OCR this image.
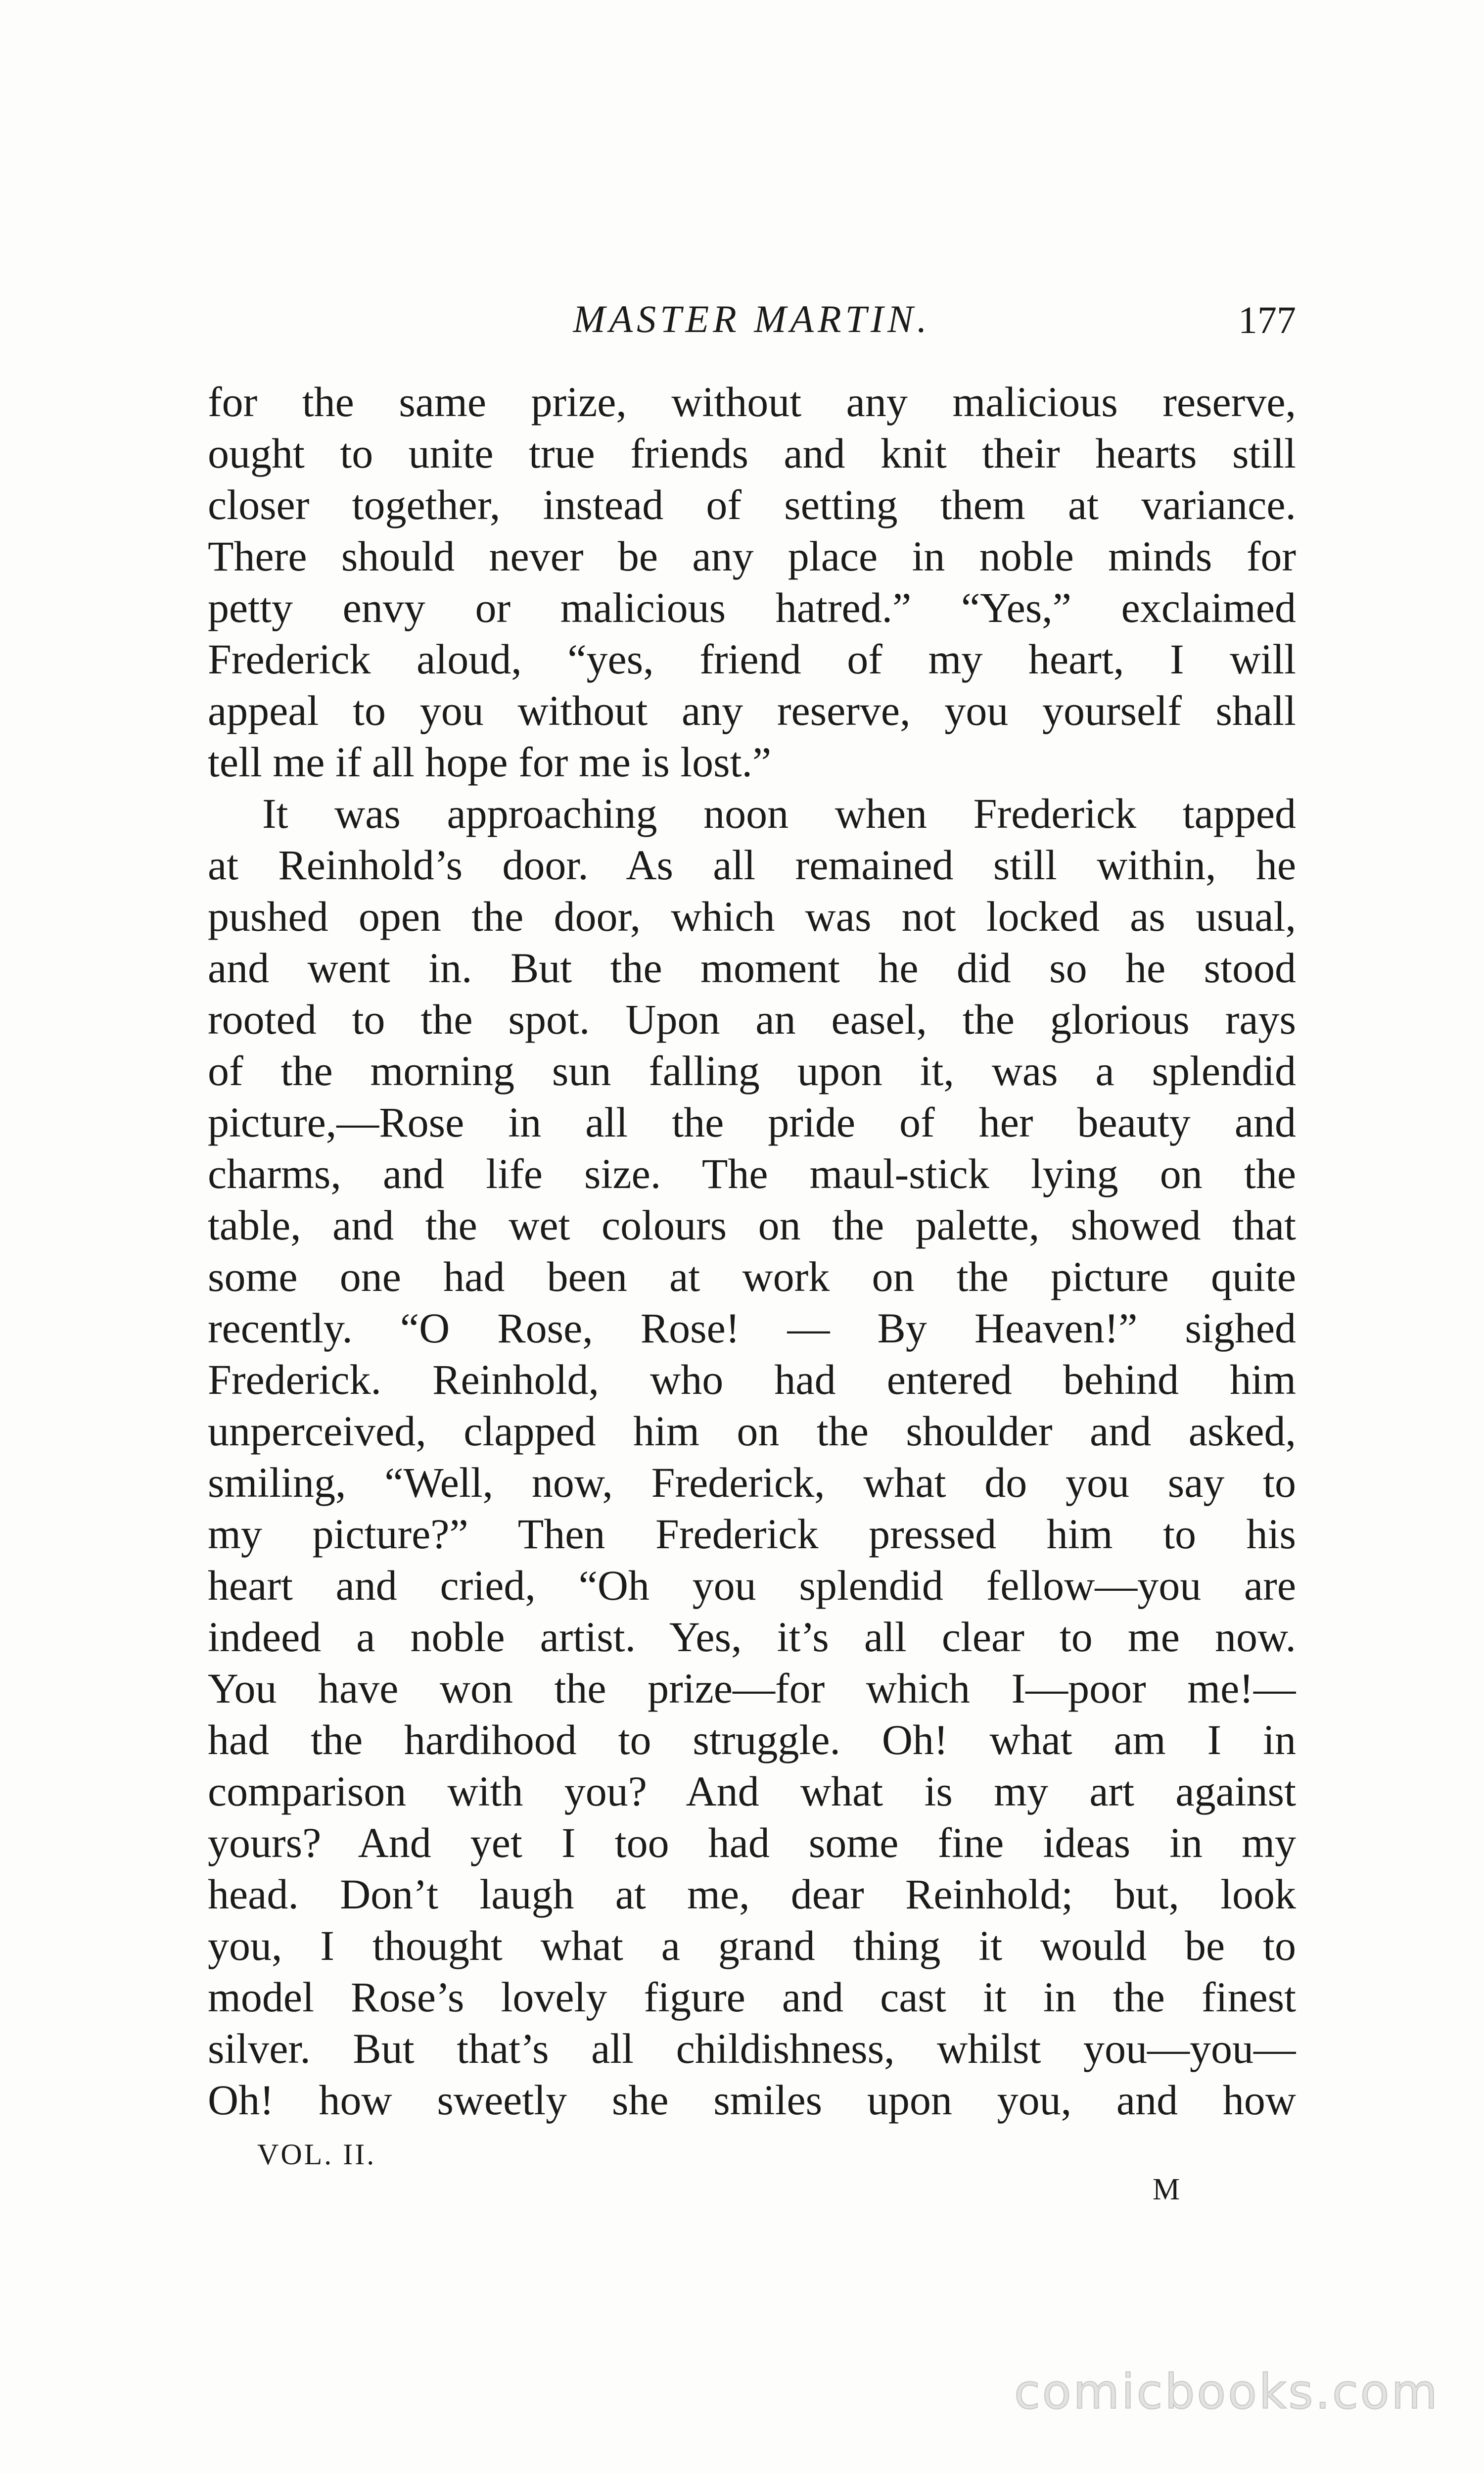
MASTER MARTIN.	177
for the same prize, without any malicious reserve,
ought to unite true friends and knit their hearts still
closer together, instead of setting them at variance.
There should never be any place in noble minds for
petty envy or malicious hatred.” “Yes,” exclaimed
Frederick aloud, “yes, friend of my heart, I will
appeal to you without any reserve, you yourself shall
tell me if all hope for me is lost.”
It was approaching noon when Frederick tapped
at Reinhold’s door. As all remained still within, he
pushed open the door, which was not locked as usual,
and went in. But the moment he did so he stood
rooted to the spot. Upon an easel, the glorious rays
of the morning sun falling upon it, was a splendid
picture,—Rose in all the pride of her beauty and
charms, and life size. The maul-stick lying on the
table, and the wet colours on the palette, showed that
some one had been at work on the picture quite
recently. “O Rose, Rose! — By Heaven!” sighed
Frederick. Reinhold, who had entered behind him
unperceived, clapped him on the shoulder and asked,
smiling, “Well, now, Frederick, what do you say to
my picture?” Then Frederick pressed him to his
heart and cried, “Oh you splendid fellow—you are
indeed a noble artist. Yes, it’s all clear to me now.
You have won the prize—for which I—poor me!—
had the hardihood to struggle. Oh! what am I in
comparison with you? And what is my art against
yours? And yet I too had some fine ideas in my
head. Don’t laugh at me, dear Reinhold; but, look
you, I thought what a grand thing it would be to
model Rose’s lovely figure and cast it in the finest
silver. But that’s all childishness, whilst you—you—
Oh! how sweetly she smiles upon you, and how
VOL. II.
M
comicbooks.com
